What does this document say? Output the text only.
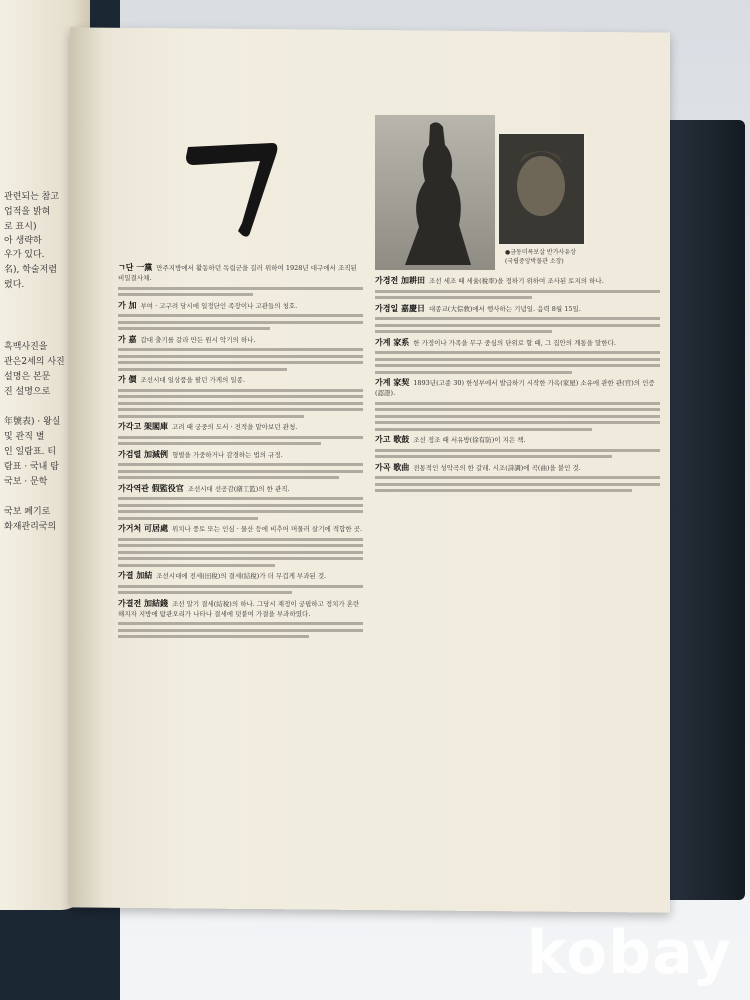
관련되는 참고
업적을 밝혀
로 표시)
아 생략하
우가 있다.
名), 학술저렴
렸다.
흑백사진을
관은2세의 사진
설명은 본문
진 설명으로
年號表) · 왕실
및 관직 별
인 일람표. 티
람표 · 국내 탐
국보 · 문학
국보 폐기로
화재관리국의
●금동미륵보살 반가사유상
(국립중앙박물관 소장)
ㄱ단 一黨 만주지방에서 활동하던 독립군을 길러 위하여 1928년 대구에서 조직된 비밀결사체.
가 加 부여 · 고구려 당시에 일정단인 족장이나 고관들의 칭호.
가 嘉 갑대 출기를 갈라 만든 원시 악기의 하나.
가 價 조선시대 일상품을 팔던 가게의 일종.
가각고 架閣庫 고려 때 궁중의 도서 · 전적을 맡아보던 관청.
가검렬 加減例 형벌을 가중하거나 감경하는 법의 규정.
가각역관 假監役官 조선시대 선공감(繕工監)의 한 관직.
가거처 可居處 위치나 풍토 또는 인심 · 물산 등에 비추어 머물러 살기에 적합한 곳.
가결 加結 조선시대에 전세(田稅)의 결세(結稅)가 더 무겁게 부과된 것.
가결전 加結錢 조선 말기 결세(結稅)의 하나. 그당시 재정이 궁핍하고 정치가 혼란해지자 지방에 탐관오리가 나타나 결세에 덧붙여 가결을 부과하였다.
가경전 加耕田 조선 세조 때 세율(稅率)을 정하기 위하여 조사된 토지의 하나.
가경일 嘉慶日 대종교(大倧敎)에서 행사하는 기념일. 음력 8월 15일.
가계 家系 한 가정이나 가족을 무구 중심의 단위로 할 때, 그 집안의 계통을 말한다.
가계 家契 1893년(고종 30) 한성부에서 발급하기 시작한 가옥(家屋) 소유에 관한 관(官)의 인증(認證).
가고 歌鼓 조선 정조 때 서유방(徐有防)이 지은 책.
가곡 歌曲 전통적인 성악곡의 한 갈래. 시조(詩調)에 곡(曲)을 붙인 것.
kobay
